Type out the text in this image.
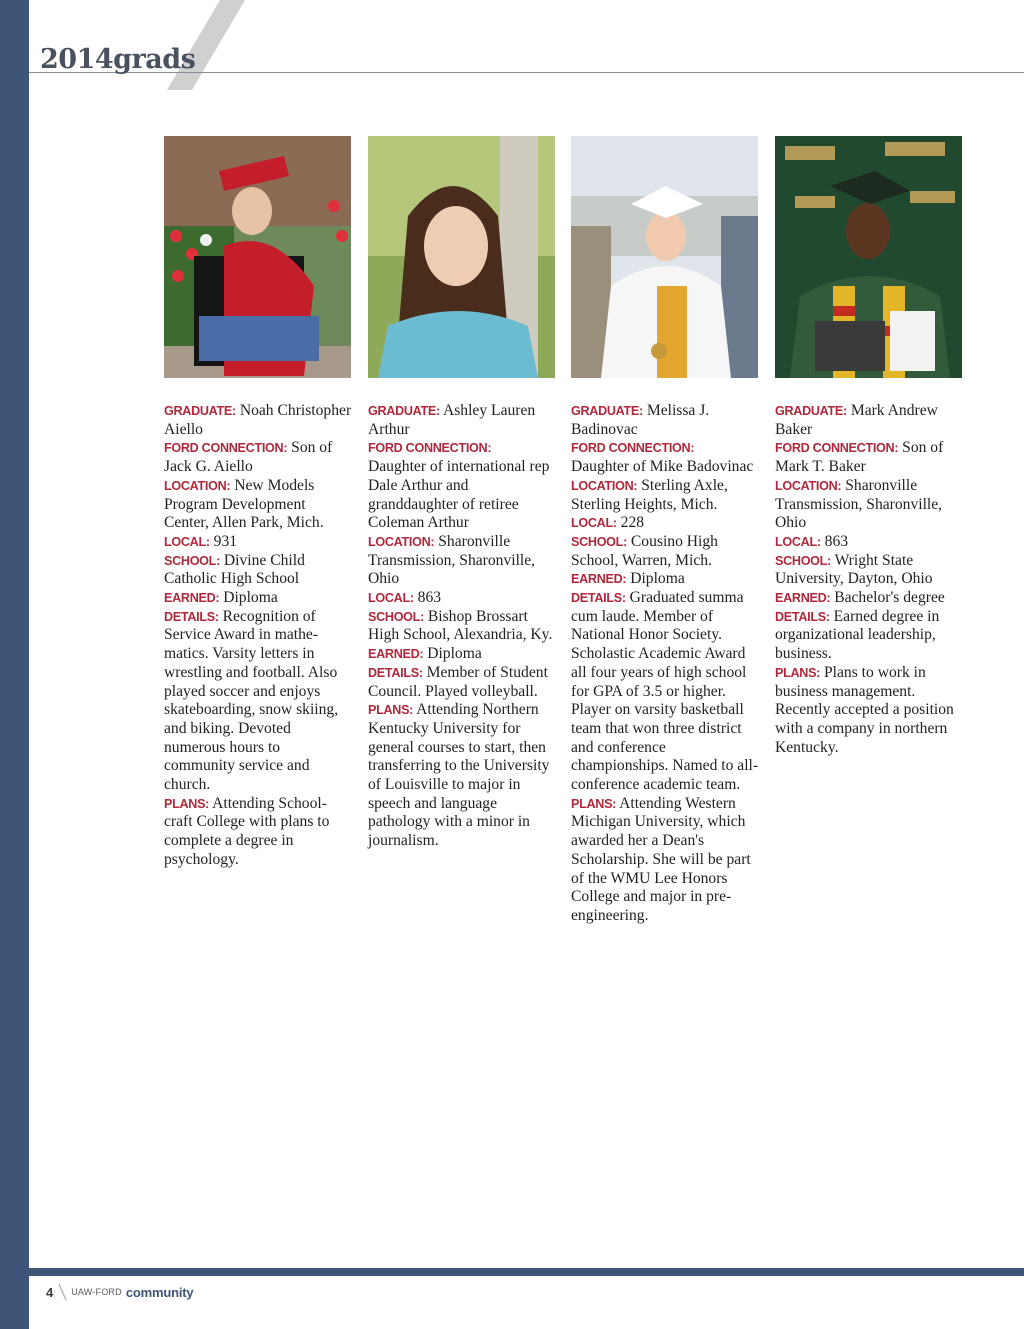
2014grads
GRADUATE: Noah Christopher Aiello
FORD CONNECTION: Son of Jack G. Aiello
LOCATION: New Models Program Development Center, Allen Park, Mich.
LOCAL: 931
SCHOOL: Divine Child Catholic High School
EARNED: Diploma
DETAILS: Recognition of Service Award in mathe-matics. Varsity letters in wrestling and football. Also played soccer and enjoys skateboarding, snow skiing, and biking. Devoted numerous hours to community service and church.
PLANS: Attending School-craft College with plans to complete a degree in psychology.
GRADUATE: Ashley Lauren Arthur
FORD CONNECTION:
Daughter of international rep Dale Arthur and granddaughter of retiree Coleman Arthur
LOCATION: Sharonville Transmission, Sharonville, Ohio
LOCAL: 863
SCHOOL: Bishop Brossart High School, Alexandria, Ky.
EARNED: Diploma
DETAILS: Member of Student Council. Played volleyball.
PLANS: Attending Northern Kentucky University for general courses to start, then transferring to the University of Louisville to major in speech and language pathology with a minor in journalism.
GRADUATE: Melissa J. Badinovac
FORD CONNECTION:
Daughter of Mike Badovinac
LOCATION: Sterling Axle, Sterling Heights, Mich.
LOCAL: 228
SCHOOL: Cousino High School, Warren, Mich.
EARNED: Diploma
DETAILS: Graduated summa cum laude. Member of National Honor Society. Scholastic Academic Award all four years of high school for GPA of 3.5 or higher. Player on varsity basketball team that won three district and conference championships. Named to all-conference academic team.
PLANS: Attending Western Michigan University, which awarded her a Dean's Scholarship. She will be part of the WMU Lee Honors College and major in pre-engineering.
GRADUATE: Mark Andrew Baker
FORD CONNECTION: Son of Mark T. Baker
LOCATION: Sharonville Transmission, Sharonville, Ohio
LOCAL: 863
SCHOOL: Wright State University, Dayton, Ohio
EARNED: Bachelor's degree
DETAILS: Earned degree in organizational leadership, business.
PLANS: Plans to work in business management. Recently accepted a position with a company in northern Kentucky.
4 UAW-FORD community
